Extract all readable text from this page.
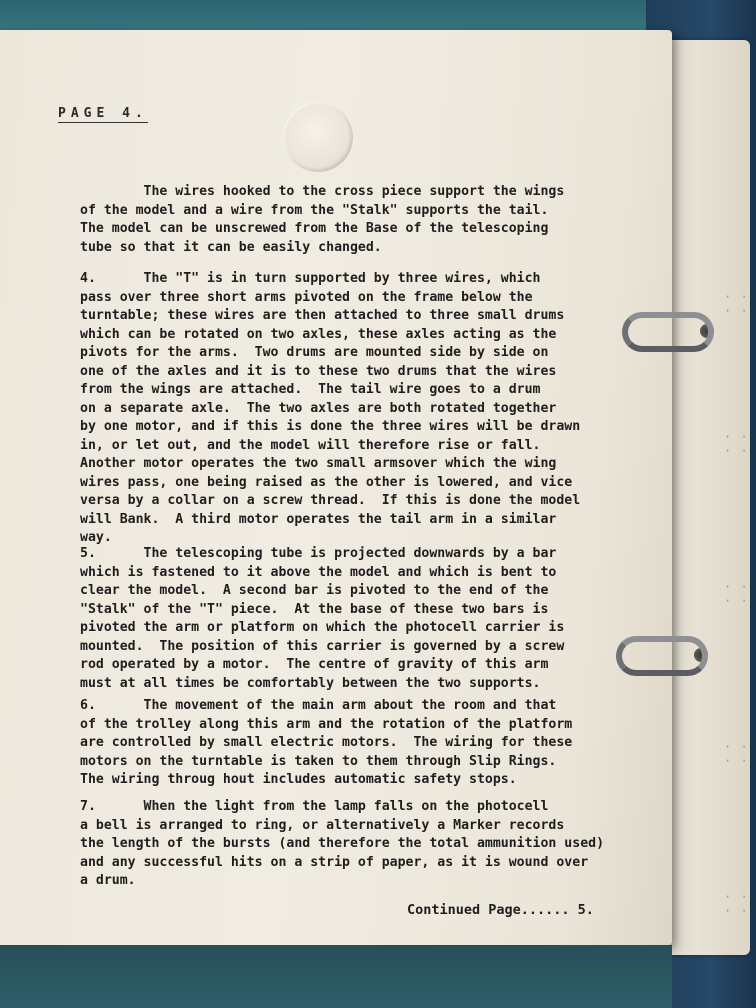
· · · ·
· · · ·
· · · ·
· · · ·
· · · ·
PAGE 4.
The wires hooked to the cross piece support the wings
of the model and a wire from the "Stalk" supports the tail.
The model can be unscrewed from the Base of the telescoping
tube so that it can be easily changed.
4.      The "T" is in turn supported by three wires, which
pass over three short arms pivoted on the frame below the
turntable; these wires are then attached to three small drums
which can be rotated on two axles, these axles acting as the
pivots for the arms.  Two drums are mounted side by side on
one of the axles and it is to these two drums that the wires
from the wings are attached.  The tail wire goes to a drum
on a separate axle.  The two axles are both rotated together
by one motor, and if this is done the three wires will be drawn
in, or let out, and the model will therefore rise or fall.
Another motor operates the two small armsover which the wing
wires pass, one being raised as the other is lowered, and vice
versa by a collar on a screw thread.  If this is done the model
will Bank.  A third motor operates the tail arm in a similar
way.
5.      The telescoping tube is projected downwards by a bar
which is fastened to it above the model and which is bent to
clear the model.  A second bar is pivoted to the end of the
"Stalk" of the "T" piece.  At the base of these two bars is
pivoted the arm or platform on which the photocell carrier is
mounted.  The position of this carrier is governed by a screw
rod operated by a motor.  The centre of gravity of this arm
must at all times be comfortably between the two supports.
6.      The movement of the main arm about the room and that
of the trolley along this arm and the rotation of the platform
are controlled by small electric motors.  The wiring for these
motors on the turntable is taken to them through Slip Rings.
The wiring throug hout includes automatic safety stops.
7.      When the light from the lamp falls on the photocell
a bell is arranged to ring, or alternatively a Marker records
the length of the bursts (and therefore the total ammunition used)
and any successful hits on a strip of paper, as it is wound over
a drum.
Continued Page...... 5.
